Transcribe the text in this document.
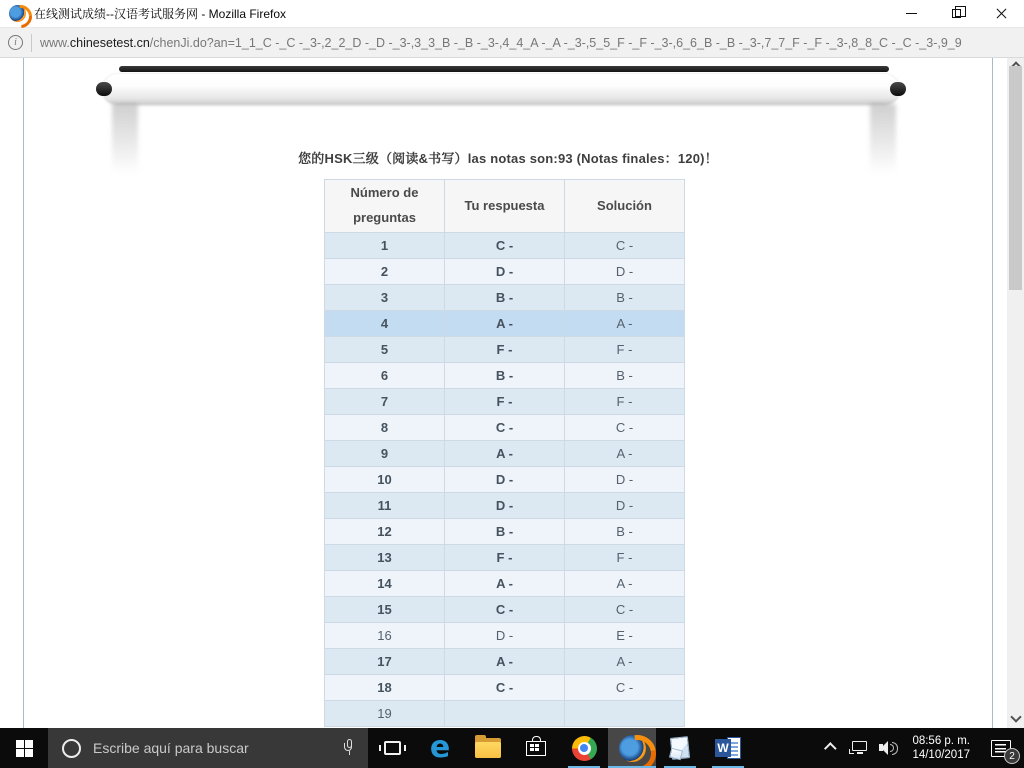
在线测试成绩--汉语考试服务网 - Mozilla Firefox
i	www.chinesetest.cn/chenJi.do?an=1_1_C -_C -_3-,2_2_D -_D -_3-,3_3_B -_B -_3-,4_4_A -_A -_3-,5_5_F -_F -_3-,6_6_B -_B -_3-,7_7_F -_F -_3-,8_8_C -_C -_3-,9_9
您的HSK三级（阅读&书写）las notas son:93 (Notas finales：120)！
Número de preguntas	Tu respuesta	Solución
1	C -	C -
2	D -	D -
3	B -	B -
4	A -	A -
5	F -	F -
6	B -	B -
7	F -	F -
8	C -	C -
9	A -	A -
10	D -	D -
11	D -	D -
12	B -	B -
13	F -	F -
14	A -	A -
15	C -	C -
16	D -	E -
17	A -	A -
18	C -	C -
19		
Escribe aquí para buscar
e	W	08:56 p. m.
14/10/2017	2
